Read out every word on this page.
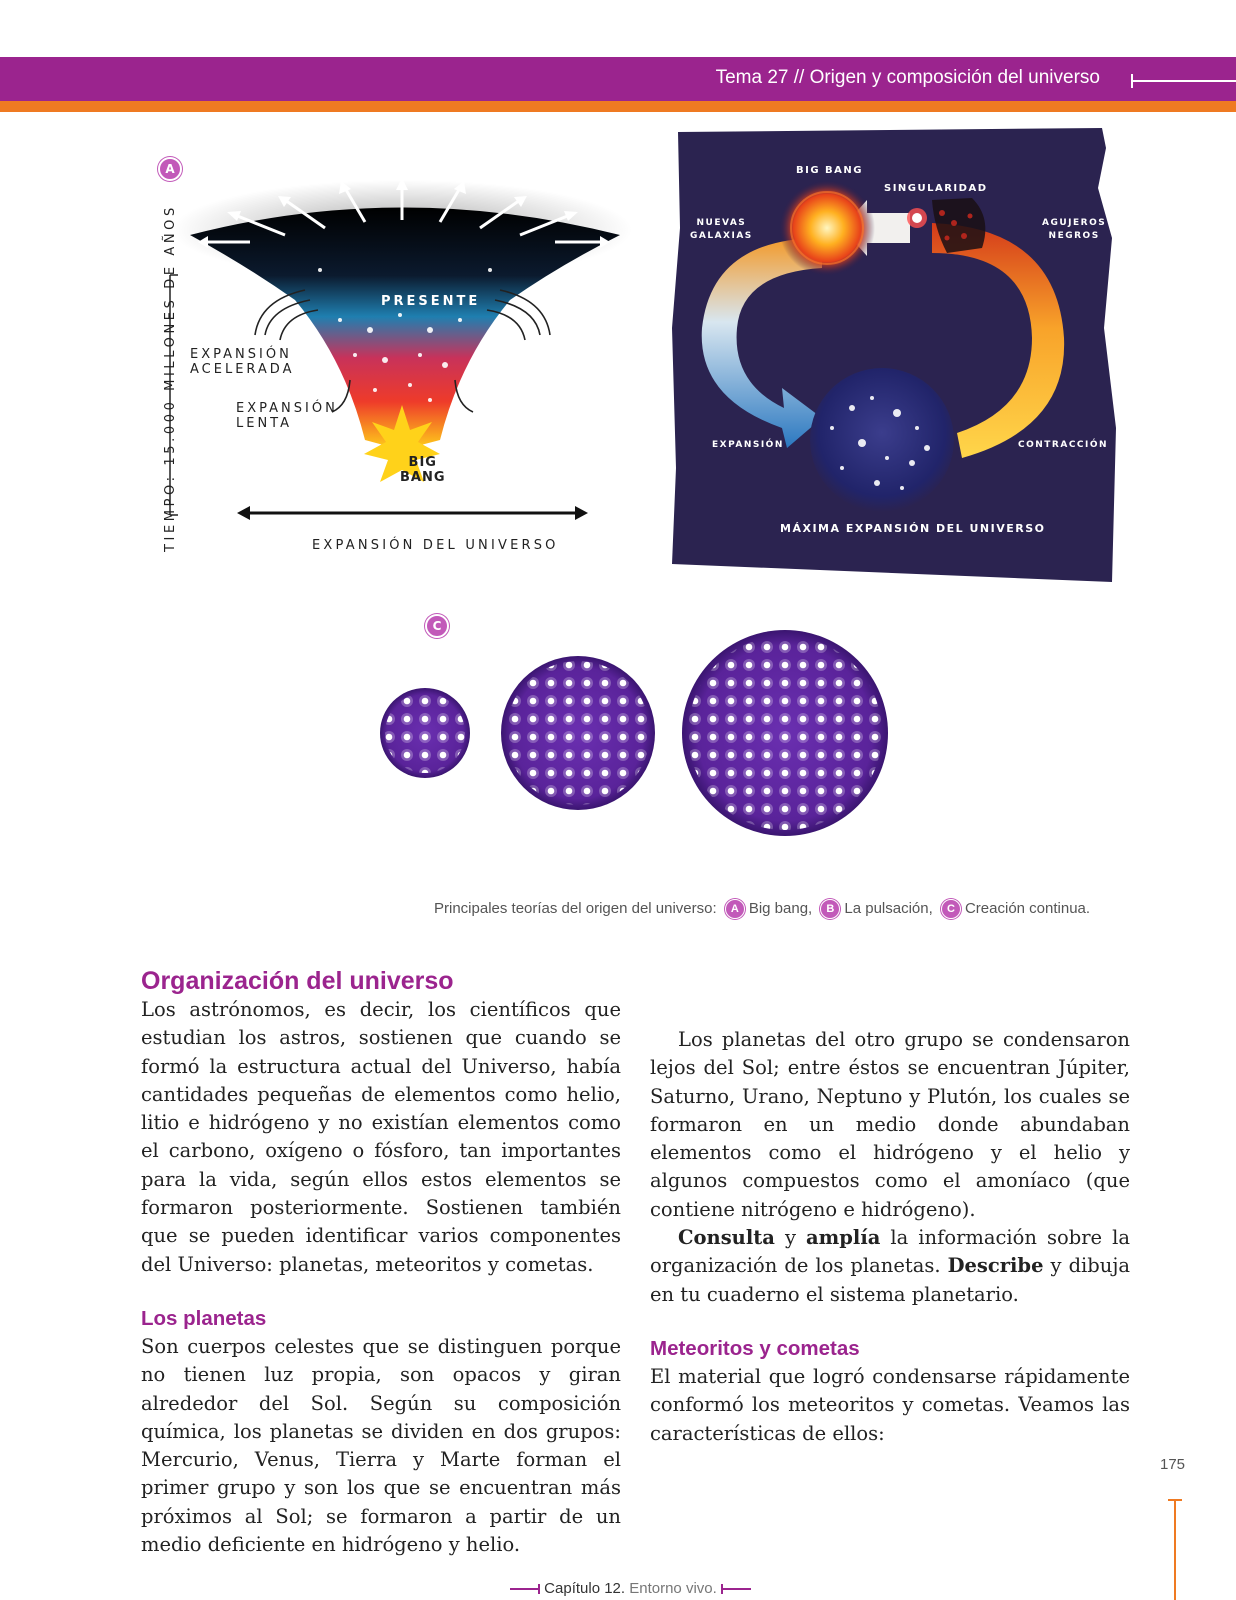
Tema 27 // Origen y composición del universo
A
PRESENTE
EXPANSIÓN
ACELERADA
EXPANSIÓN
LENTA
BIG
BANG
EXPANSIÓN DEL UNIVERSO
TIEMPO: 15.000 MILLONES DE AÑOS
BIG BANG
SINGULARIDAD
NUEVAS
GALAXIAS
AGUJEROS
NEGROS
EXPANSIÓN	CONTRACCIÓN
MÁXIMA EXPANSIÓN DEL UNIVERSO
C
Principales teorías del origen del universo: A Big bang, B La pulsación, C Creación continua.
Organización del universo

Los astrónomos, es decir, los científicos que estudian los astros, sostienen que cuando se formó la estructura actual del Universo, había cantidades pequeñas de elementos como helio, litio e hidrógeno y no existían elementos como el carbono, oxígeno o fósforo, tan importantes para la vida, según ellos estos elementos se formaron posteriormente. Sostienen también que se pueden identificar varios componentes del Universo: planetas, meteoritos y cometas.

Los planetas

Son cuerpos celestes que se distinguen porque no tienen luz propia, son opacos y giran alrededor del Sol. Según su composición química, los planetas se dividen en dos grupos: Mercurio, Venus, Tierra y Marte forman el primer grupo y son los que se encuentran más próximos al Sol; se formaron a partir de un medio deficiente en hidrógeno y helio.

Los planetas del otro grupo se condensaron lejos del Sol; entre éstos se encuentran Júpiter, Saturno, Urano, Neptuno y Plutón, los cuales se formaron en un medio donde abundaban elementos como el hidrógeno y el helio y algunos compuestos como el amoníaco (que contiene nitrógeno e hidrógeno).

Consulta y amplía la información sobre la organización de los planetas. Describe y dibuja en tu cuaderno el sistema planetario.

Meteoritos y cometas

El material que logró condensarse rápidamente conformó los meteoritos y cometas. Veamos las características de ellos:

175
Capítulo 12. Entorno vivo.
